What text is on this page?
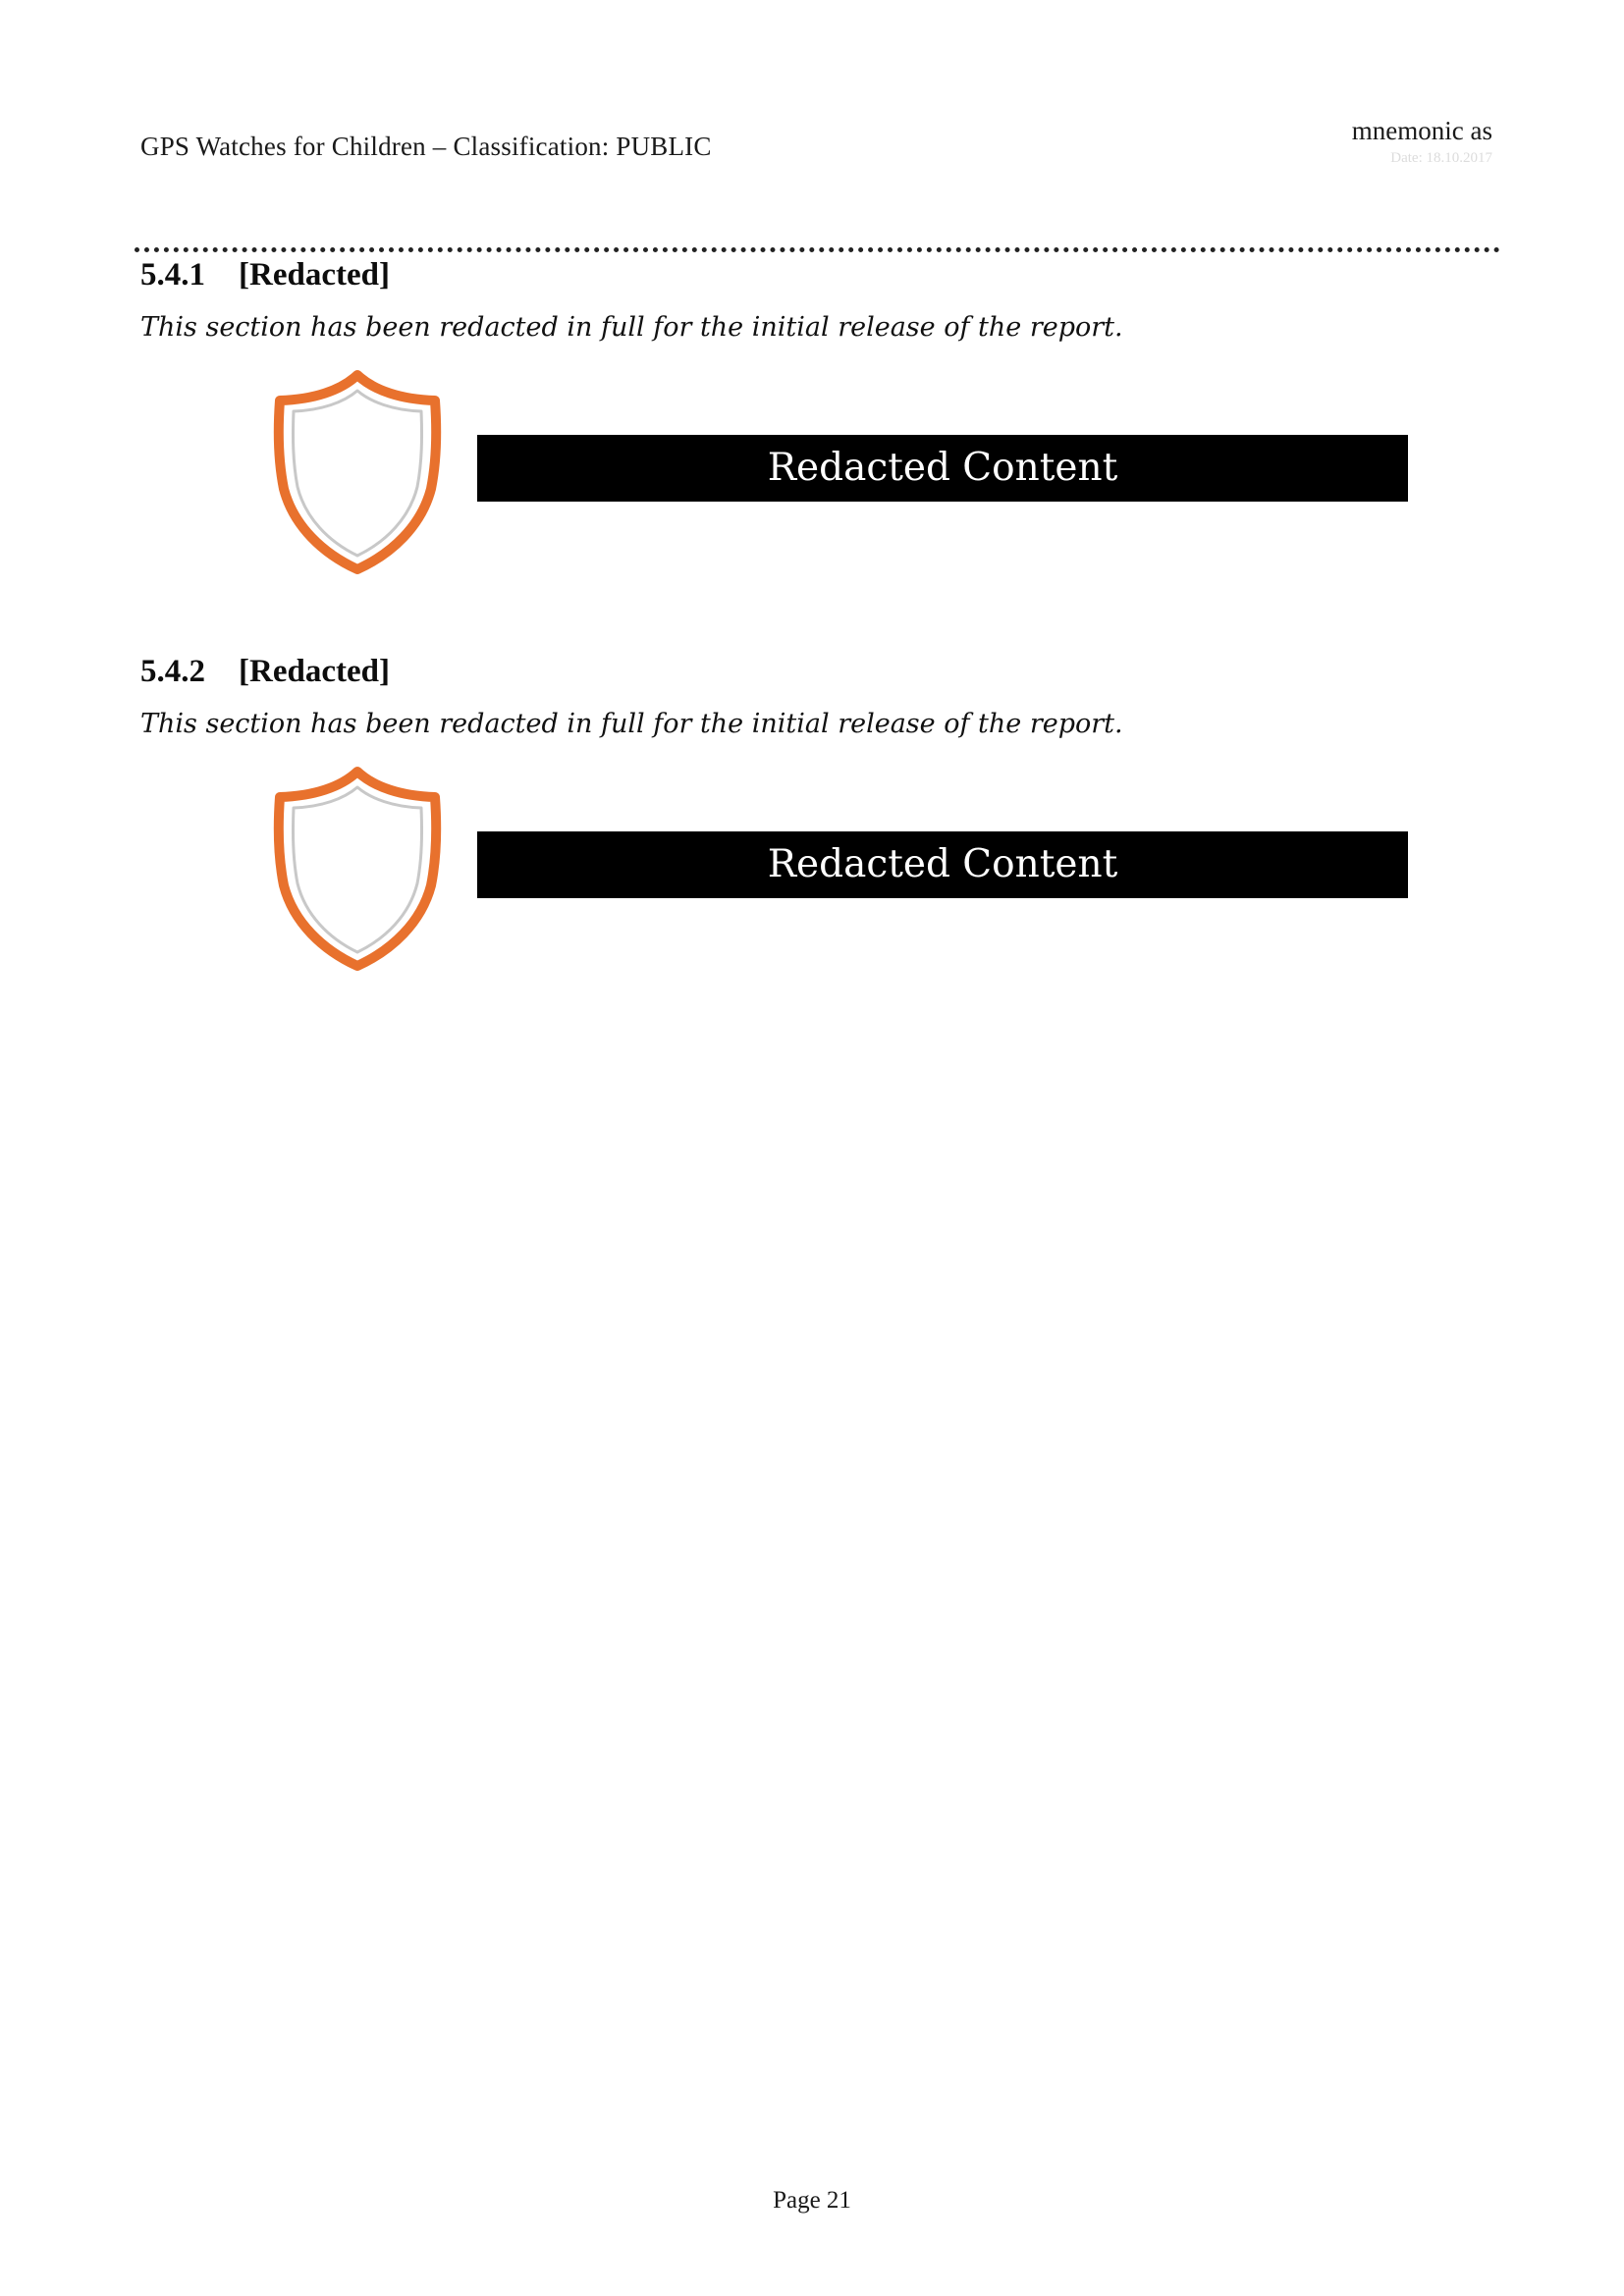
GPS Watches for Children – Classification: PUBLIC
mnemonic as
Date: 18.10.2017
5.4.1 [Redacted]
This section has been redacted in full for the initial release of the report.
Redacted Content
5.4.2 [Redacted]
This section has been redacted in full for the initial release of the report.
Redacted Content
Page 21
